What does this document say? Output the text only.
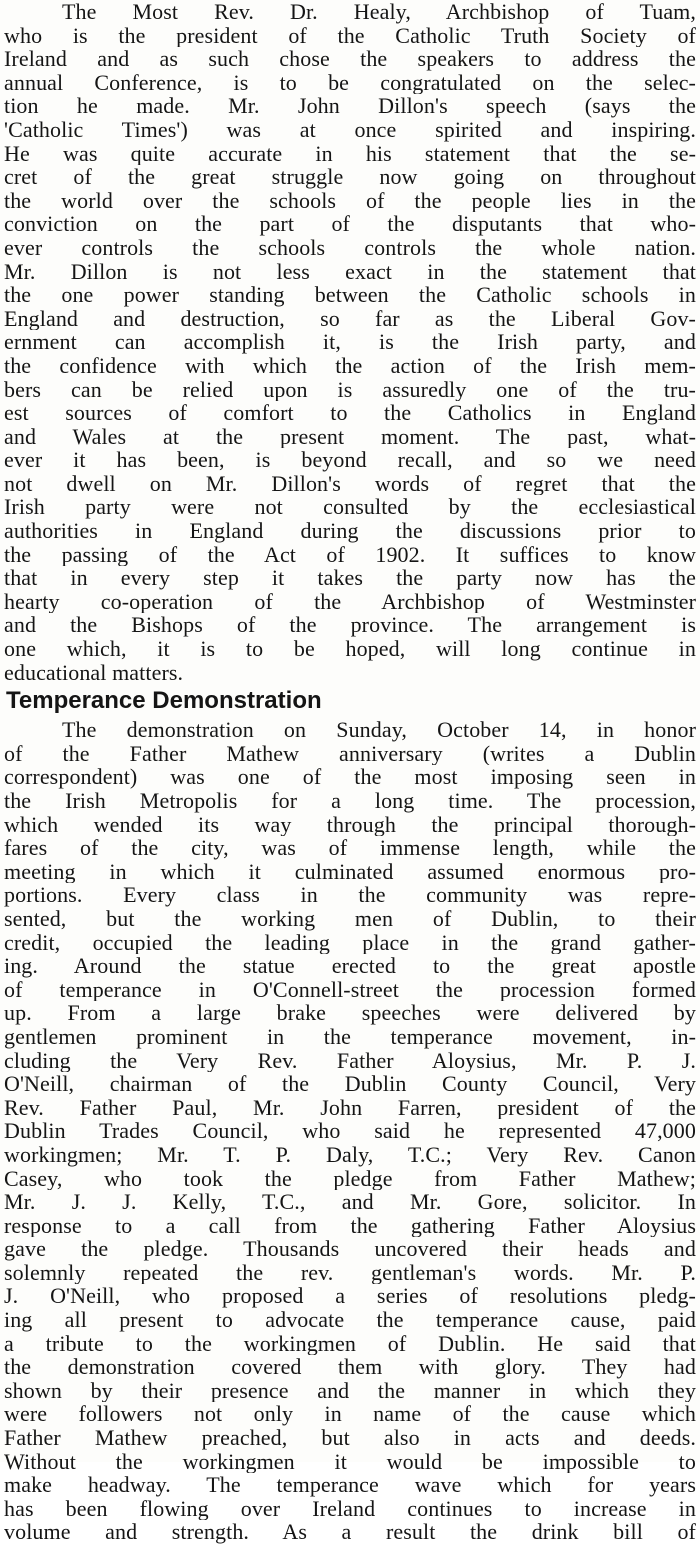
The Most Rev. Dr. Healy, Archbishop of Tuam,
who is the president of the Catholic Truth Society of
Ireland and as such chose the speakers to address the
annual Conference, is to be congratulated on the selec-
tion he made. Mr. John Dillon's speech (says the
'Catholic Times') was at once spirited and inspiring.
He was quite accurate in his statement that the se-
cret of the great struggle now going on throughout
the world over the schools of the people lies in the
conviction on the part of the disputants that who-
ever controls the schools controls the whole nation.
Mr. Dillon is not less exact in the statement that
the one power standing between the Catholic schools in
England and destruction, so far as the Liberal Gov-
ernment can accomplish it, is the Irish party, and
the confidence with which the action of the Irish mem-
bers can be relied upon is assuredly one of the tru-
est sources of comfort to the Catholics in England
and Wales at the present moment. The past, what-
ever it has been, is beyond recall, and so we need
not dwell on Mr. Dillon's words of regret that the
Irish party were not consulted by the ecclesiastical
authorities in England during the discussions prior to
the passing of the Act of 1902. It suffices to know
that in every step it takes the party now has the
hearty co-operation of the Archbishop of Westminster
and the Bishops of the province. The arrangement is
one which, it is to be hoped, will long continue in
educational matters.
Temperance Demonstration
The demonstration on Sunday, October 14, in honor
of the Father Mathew anniversary (writes a Dublin
correspondent) was one of the most imposing seen in
the Irish Metropolis for a long time. The procession,
which wended its way through the principal thorough-
fares of the city, was of immense length, while the
meeting in which it culminated assumed enormous pro-
portions. Every class in the community was repre-
sented, but the working men of Dublin, to their
credit, occupied the leading place in the grand gather-
ing. Around the statue erected to the great apostle
of temperance in O'Connell-street the procession formed
up. From a large brake speeches were delivered by
gentlemen prominent in the temperance movement, in-
cluding the Very Rev. Father Aloysius, Mr. P. J.
O'Neill, chairman of the Dublin County Council, Very
Rev. Father Paul, Mr. John Farren, president of the
Dublin Trades Council, who said he represented 47,000
workingmen; Mr. T. P. Daly, T.C.; Very Rev. Canon
Casey, who took the pledge from Father Mathew;
Mr. J. J. Kelly, T.C., and Mr. Gore, solicitor. In
response to a call from the gathering Father Aloysius
gave the pledge. Thousands uncovered their heads and
solemnly repeated the rev. gentleman's words. Mr. P.
J. O'Neill, who proposed a series of resolutions pledg-
ing all present to advocate the temperance cause, paid
a tribute to the workingmen of Dublin. He said that
the demonstration covered them with glory. They had
shown by their presence and the manner in which they
were followers not only in name of the cause which
Father Mathew preached, but also in acts and deeds.
Without the workingmen it would be impossible to
make headway. The temperance wave which for years
has been flowing over Ireland continues to increase in
volume and strength. As a result the drink bill of
